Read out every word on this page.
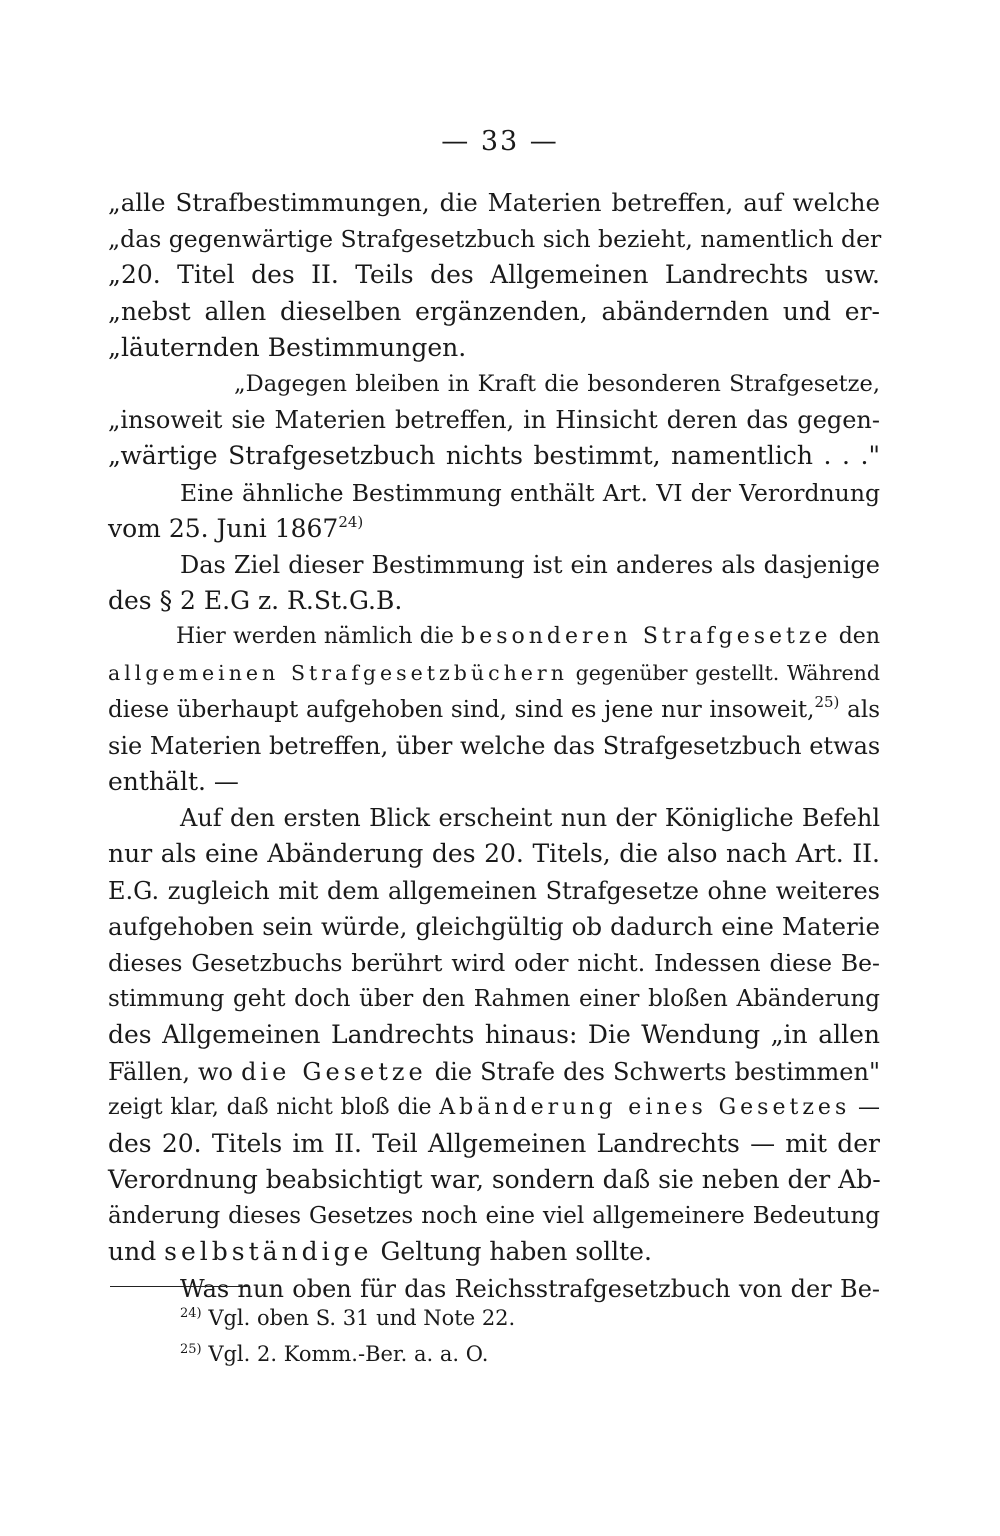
— 33 —
„alle Strafbestimmungen, die Materien betreffen, auf welche
„das gegenwärtige Strafgesetzbuch sich bezieht, namentlich der
„20. Titel des II. Teils des Allgemeinen Landrechts usw.
„nebst allen dieselben ergänzenden, abändernden und er-
„läuternden Bestimmungen.
„Dagegen bleiben in Kraft die besonderen Strafgesetze,
„insoweit sie Materien betreffen, in Hinsicht deren das gegen-
„wärtige Strafgesetzbuch nichts bestimmt, namentlich . . ."
Eine ähnliche Bestimmung enthält Art. VI der Verordnung
vom 25. Juni 1867$^{24)}$
Das Ziel dieser Bestimmung ist ein anderes als dasjenige
des § 2 E.G z. R.St.G.B.
Hier werden nämlich die besonderen Strafgesetze den
allgemeinen Strafgesetzbüchern gegenüber gestellt. Während
diese überhaupt aufgehoben sind, sind es jene nur insoweit,$^{25)}$ als
sie Materien betreffen, über welche das Strafgesetzbuch etwas
enthält. —
Auf den ersten Blick erscheint nun der Königliche Befehl
nur als eine Abänderung des 20. Titels, die also nach Art. II.
E.G. zugleich mit dem allgemeinen Strafgesetze ohne weiteres
aufgehoben sein würde, gleichgültig ob dadurch eine Materie
dieses Gesetzbuchs berührt wird oder nicht. Indessen diese Be-
stimmung geht doch über den Rahmen einer bloßen Abänderung
des Allgemeinen Landrechts hinaus: Die Wendung „in allen
Fällen, wo die Gesetze die Strafe des Schwerts bestimmen"
zeigt klar, daß nicht bloß die Abänderung eines Gesetzes —
des 20. Titels im II. Teil Allgemeinen Landrechts — mit der
Verordnung beabsichtigt war, sondern daß sie neben der Ab-
änderung dieses Gesetzes noch eine viel allgemeinere Bedeutung
und selbständige Geltung haben sollte.
Was nun oben für das Reichsstrafgesetzbuch von der Be-
$^{24)}$ Vgl. oben S. 31 und Note 22.
$^{25)}$ Vgl. 2. Komm.-Ber. a. a. O.
